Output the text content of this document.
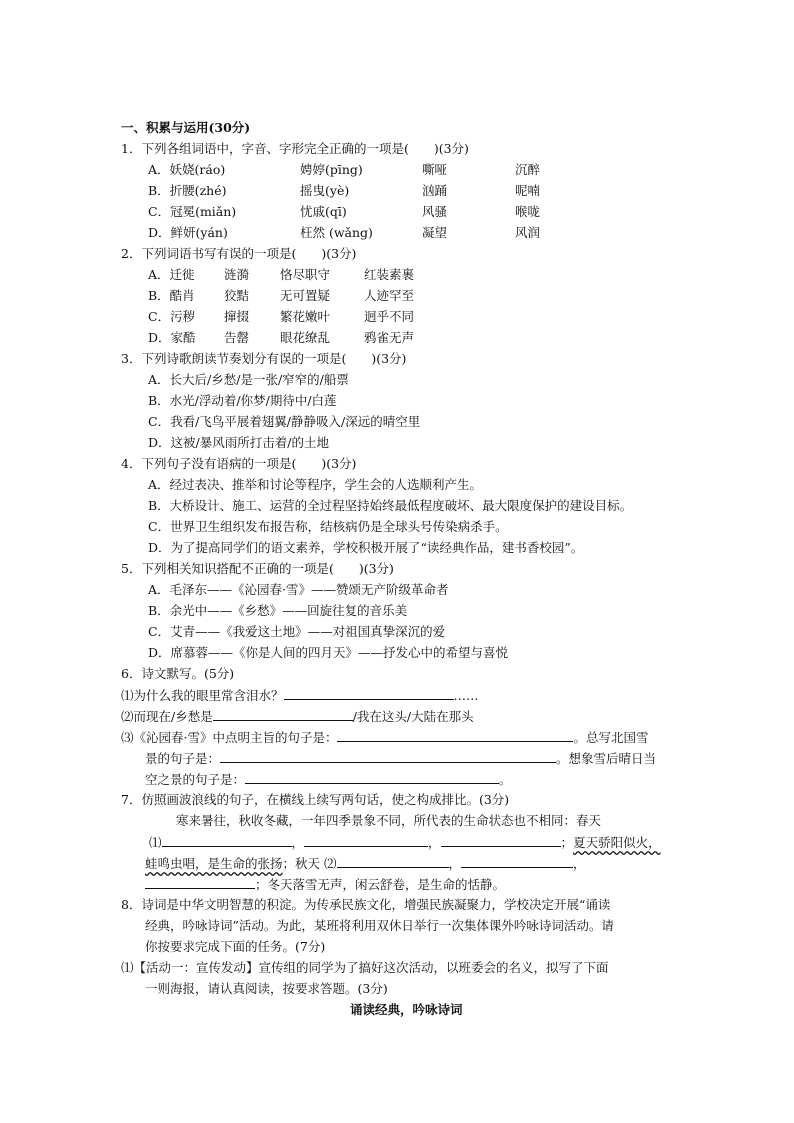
一、积累与运用(30分)
1．下列各组词语中，字音、字形完全正确的一项是(　　)(3分)
A．妖娆(ráo)	娉婷(pīng)	嘶哑	沉醉
B．折腰(zhé)	摇曳(yè)	汹踊	呢喃
C．冠冕(miǎn)	忧戚(qī)	风骚	喉咙
D．鲜妍(yán)	枉然 (wǎng)	凝望	风润
2．下列词语书写有误的一项是(　　)(3分)
A．迁徙 涟漪 恪尽职守	红装素裹
B．酷肖 狡黠 无可置疑	人迹罕至
C．污秽 撺掇 繁花嫩叶	迥乎不同
D．家酷 告罄 眼花缭乱	鸦雀无声
3．下列诗歌朗读节奏划分有误的一项是(　　)(3分)
A．长大后/乡愁/是一张/窄窄的/船票
B．水光/浮动着/你梦/期待中/白莲
C．我看/飞鸟平展着翅翼/静静吸入/深远的晴空里
D．这被/暴风雨所打击着/的土地
4．下列句子没有语病的一项是(　　)(3分)
A．经过表决、推举和讨论等程序，学生会的人选顺利产生。
B．大桥设计、施工、运营的全过程坚持始终最低程度破坏、最大限度保护的建设目标。
C．世界卫生组织发布报告称，结核病仍是全球头号传染病杀手。
D．为了提高同学们的语文素养，学校积极开展了“读经典作品，建书香校园”。
5．下列相关知识搭配不正确的一项是(　　)(3分)
A．毛泽东——《沁园春·雪》——赞颂无产阶级革命者
B．余光中——《乡愁》——回旋往复的音乐美
C．艾青——《我爱这土地》——对祖国真挚深沉的爱
D．席慕蓉——《你是人间的四月天》——抒发心中的希望与喜悦
6．诗文默写。(5分)
⑴为什么我的眼里常含泪水？	……
⑵而现在/乡愁是	/我在这头/大陆在那头
⑶《沁园春·雪》中点明主旨的句子是：	。总写北国雪
景的句子是：	。想象雪后晴日当
空之景的句子是：	。
7．仿照画波浪线的句子，在横线上续写两句话，使之构成排比。(3分)
寒来暑往，秋收冬藏，一年四季景象不同，所代表的生命状态也不相同：春天
⑴	，	，	；夏天骄阳似火，
蛙鸣虫唱，是生命的张扬；秋天 ⑵	，	，
；冬天落雪无声，闲云舒卷，是生命的恬静。
8．诗词是中华文明智慧的积淀。为传承民族文化，增强民族凝聚力，学校决定开展“诵读
经典，吟咏诗词”活动。为此，某班将利用双休日举行一次集体课外吟咏诗词活动。请
你按要求完成下面的任务。(7分)
⑴【活动一：宣传发动】宣传组的同学为了搞好这次活动，以班委会的名义，拟写了下面
一则海报，请认真阅读，按要求答题。(3分)
诵读经典，吟咏诗词
